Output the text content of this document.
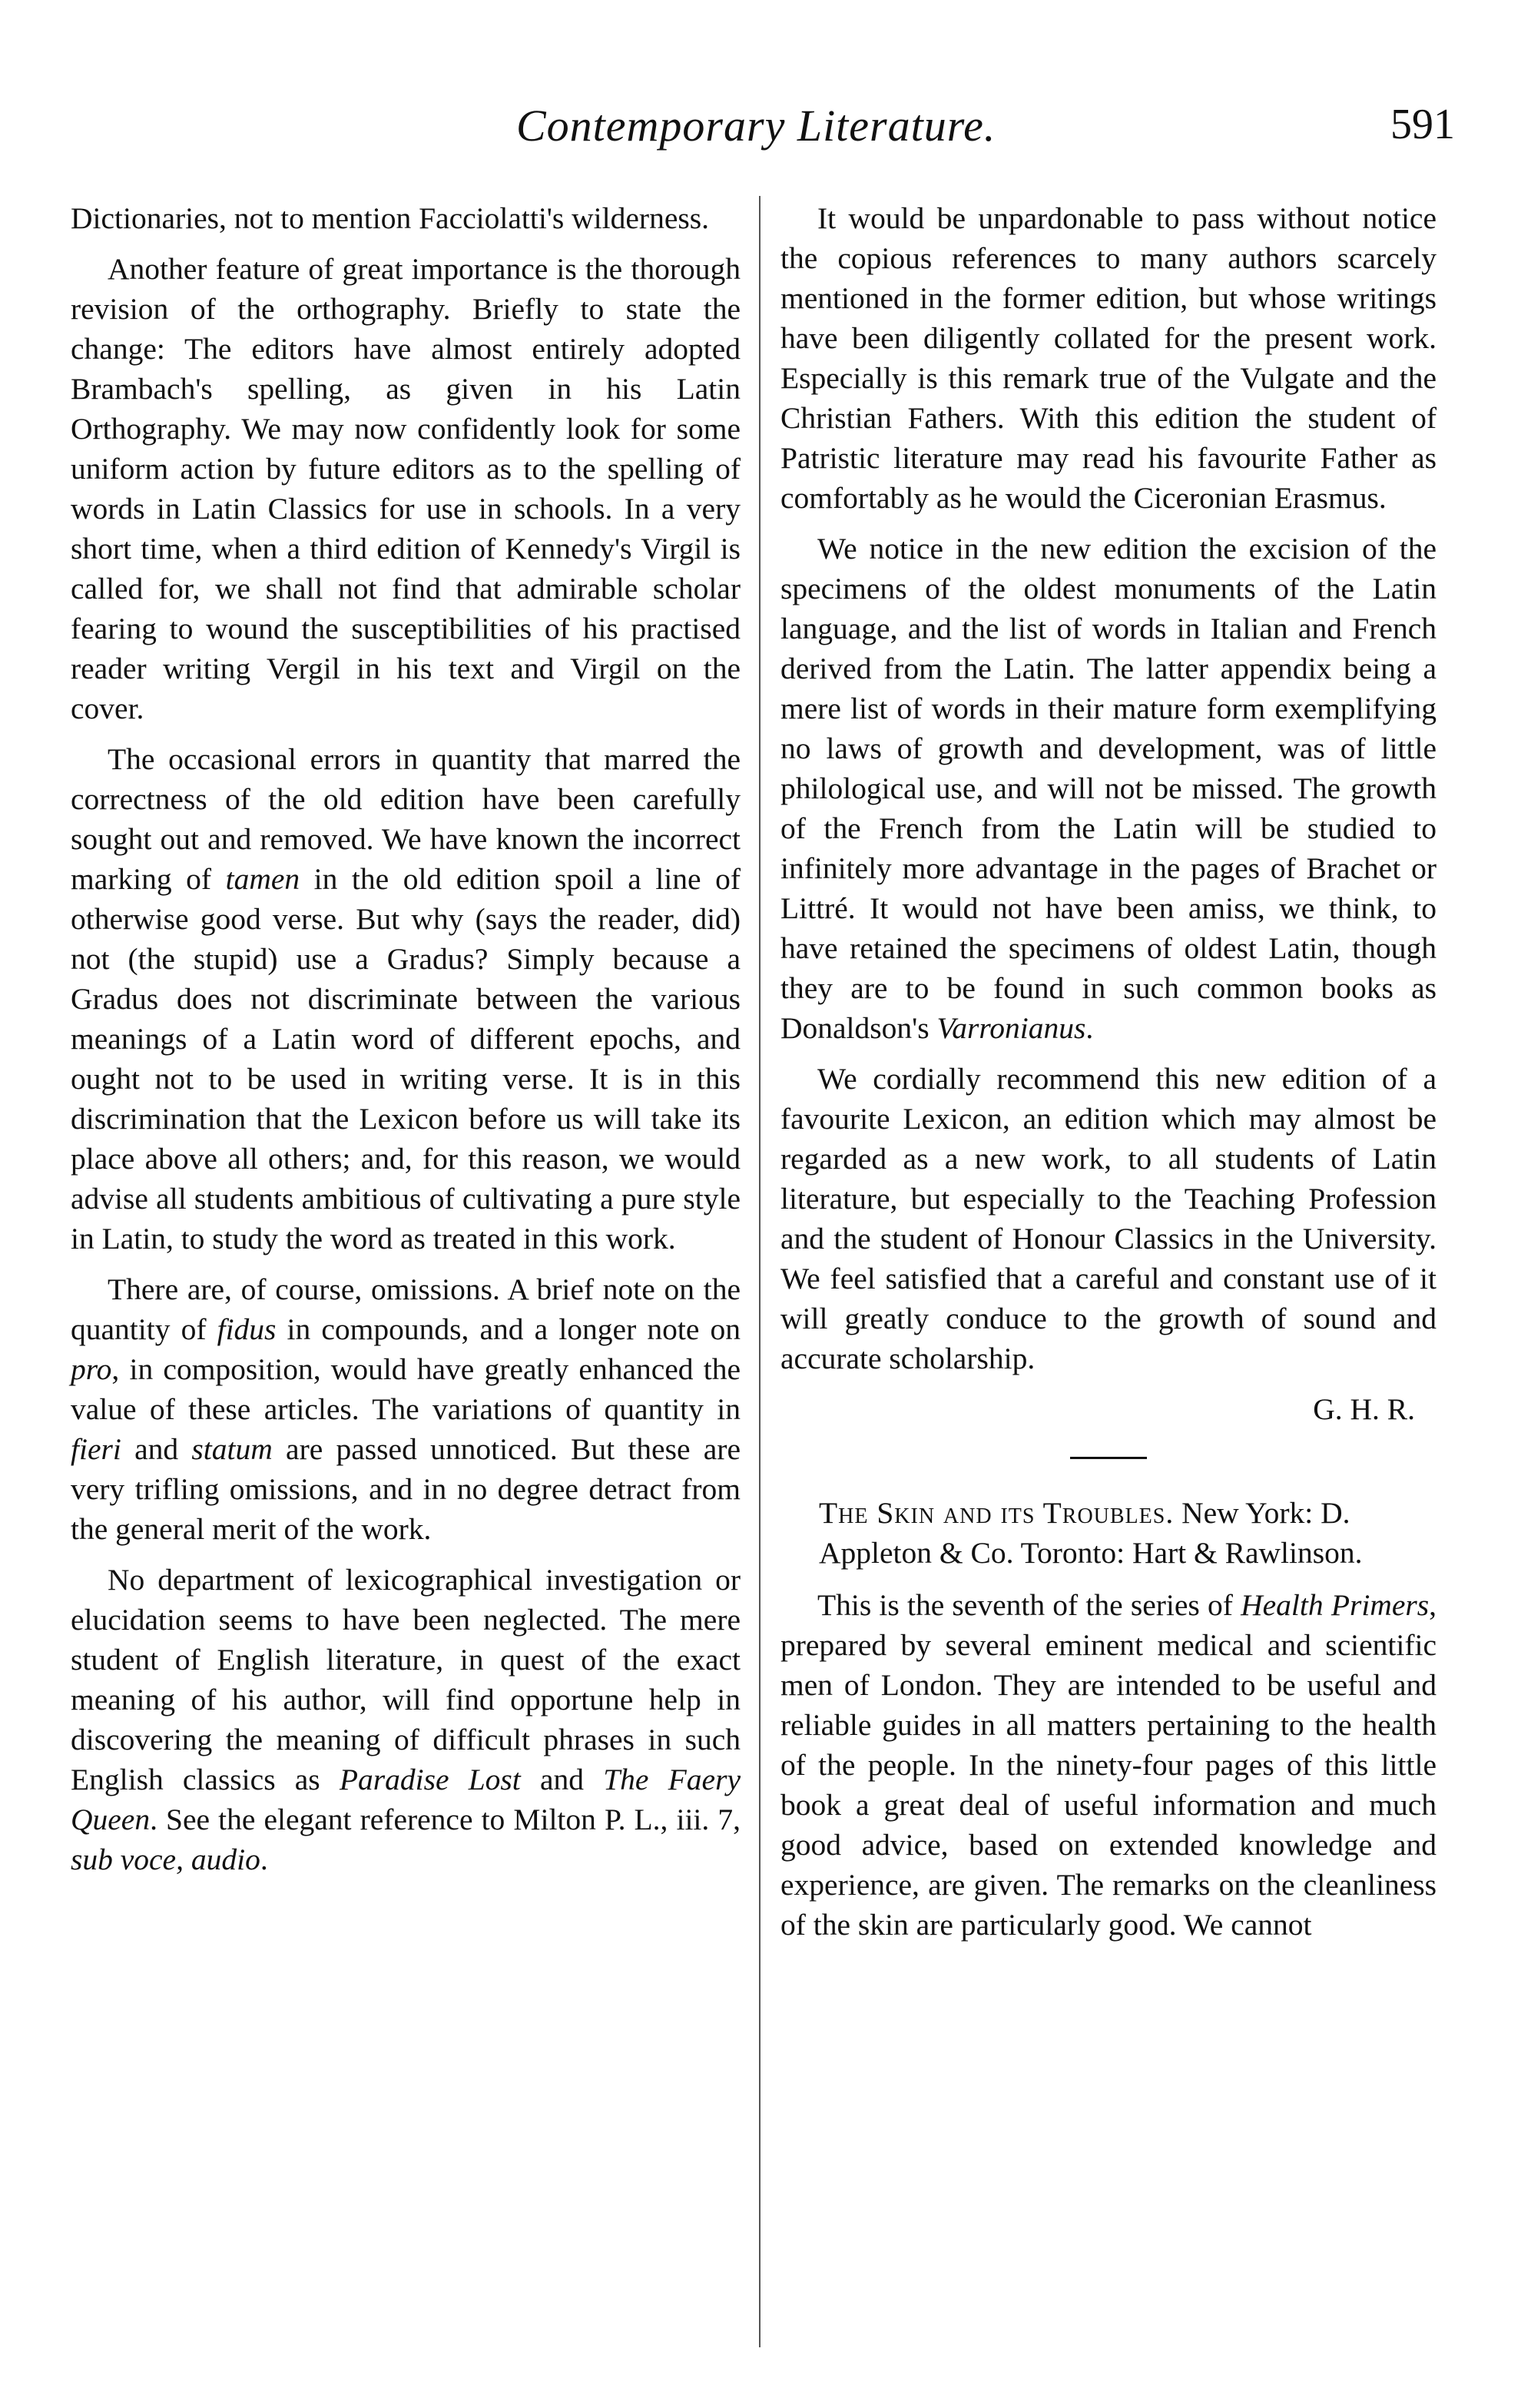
Contemporary Literature.	591

Dictionaries, not to mention Facciolatti's wilderness.

Another feature of great importance is the thorough revision of the orthography. Briefly to state the change: The editors have almost entirely adopted Brambach's spelling, as given in his Latin Orthography. We may now confidently look for some uniform action by future editors as to the spelling of words in Latin Classics for use in schools. In a very short time, when a third edition of Kennedy's Virgil is called for, we shall not find that admirable scholar fearing to wound the susceptibilities of his practised reader writing Vergil in his text and Virgil on the cover.

The occasional errors in quantity that marred the correctness of the old edition have been carefully sought out and removed. We have known the incorrect marking of tamen in the old edition spoil a line of otherwise good verse. But why (says the reader, did) not (the stupid) use a Gradus? Simply because a Gradus does not discriminate between the various meanings of a Latin word of different epochs, and ought not to be used in writing verse. It is in this discrimination that the Lexicon before us will take its place above all others; and, for this reason, we would advise all students ambitious of cultivating a pure style in Latin, to study the word as treated in this work.

There are, of course, omissions. A brief note on the quantity of fidus in compounds, and a longer note on pro, in composition, would have greatly enhanced the value of these articles. The variations of quantity in fieri and statum are passed unnoticed. But these are very trifling omissions, and in no degree detract from the general merit of the work.

No department of lexicographical investigation or elucidation seems to have been neglected. The mere student of English literature, in quest of the exact meaning of his author, will find opportune help in discovering the meaning of difficult phrases in such English classics as Paradise Lost and The Faery Queen. See the elegant reference to Milton P. L., iii. 7, sub voce, audio.

It would be unpardonable to pass without notice the copious references to many authors scarcely mentioned in the former edition, but whose writings have been diligently collated for the present work. Especially is this remark true of the Vulgate and the Christian Fathers. With this edition the student of Patristic literature may read his favourite Father as comfortably as he would the Ciceronian Erasmus.

We notice in the new edition the excision of the specimens of the oldest monuments of the Latin language, and the list of words in Italian and French derived from the Latin. The latter appendix being a mere list of words in their mature form exemplifying no laws of growth and development, was of little philological use, and will not be missed. The growth of the French from the Latin will be studied to infinitely more advantage in the pages of Brachet or Littré. It would not have been amiss, we think, to have retained the specimens of oldest Latin, though they are to be found in such common books as Donaldson's Varronianus.

We cordially recommend this new edition of a favourite Lexicon, an edition which may almost be regarded as a new work, to all students of Latin literature, but especially to the Teaching Profession and the student of Honour Classics in the University. We feel satisfied that a careful and constant use of it will greatly conduce to the growth of sound and accurate scholarship.

G. H. R.

The Skin and its Troubles. New York: D. Appleton & Co. Toronto: Hart & Rawlinson.

This is the seventh of the series of Health Primers, prepared by several eminent medical and scientific men of London. They are intended to be useful and reliable guides in all matters pertaining to the health of the people. In the ninety-four pages of this little book a great deal of useful information and much good advice, based on extended knowledge and experience, are given. The remarks on the cleanliness of the skin are particularly good. We cannot
